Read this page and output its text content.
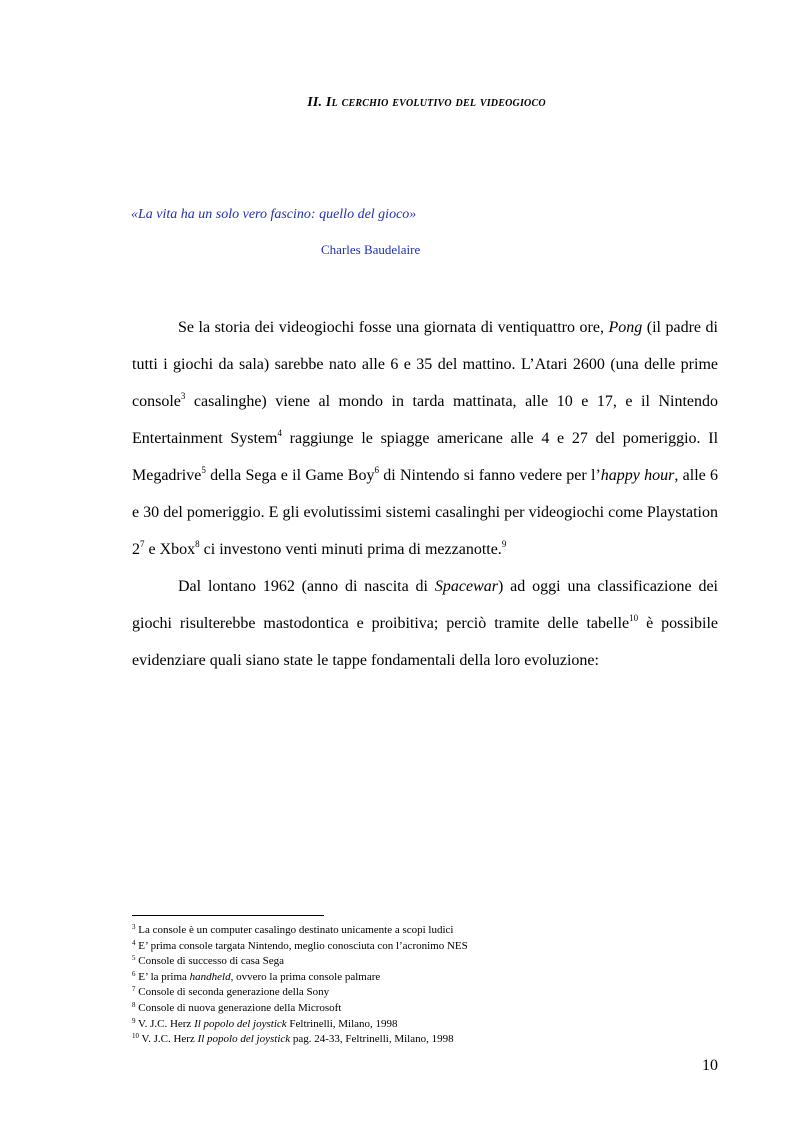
II. Il cerchio evolutivo del videogioco

«La vita ha un solo vero fascino: quello del gioco»

Charles Baudelaire

Se la storia dei videogiochi fosse una giornata di ventiquattro ore, Pong (il padre di tutti i giochi da sala) sarebbe nato alle 6 e 35 del mattino. L’Atari 2600 (una delle prime console$^3$ casalinghe) viene al mondo in tarda mattinata, alle 10 e 17, e il Nintendo Entertainment System$^4$ raggiunge le spiagge americane alle 4 e 27 del pomeriggio. Il Megadrive$^5$ della Sega e il Game Boy$^6$ di Nintendo si fanno vedere per l’happy hour, alle 6 e 30 del pomeriggio. E gli evolutissimi sistemi casalinghi per videogiochi come Playstation $2^7$ e Xbox$^8$ ci investono venti minuti prima di mezzanotte.$^9$

Dal lontano 1962 (anno di nascita di Spacewar) ad oggi una classificazione dei giochi risulterebbe mastodontica e proibitiva; perciò tramite delle tabelle$^{10}$ è possibile evidenziare quali siano state le tappe fondamentali della loro evoluzione:

$^3$ La console è un computer casalingo destinato unicamente a scopi ludici
$^4$ E’ prima console targata Nintendo, meglio conosciuta con l’acronimo NES
$^5$ Console di successo di casa Sega
$^6$ E’ la prima handheld, ovvero la prima console palmare
$^7$ Console di seconda generazione della Sony
$^8$ Console di nuova generazione della Microsoft
$^9$ V. J.C. Herz Il popolo del joystick Feltrinelli, Milano, 1998
$^{10}$ V. J.C. Herz Il popolo del joystick pag. 24-33, Feltrinelli, Milano, 1998

10
